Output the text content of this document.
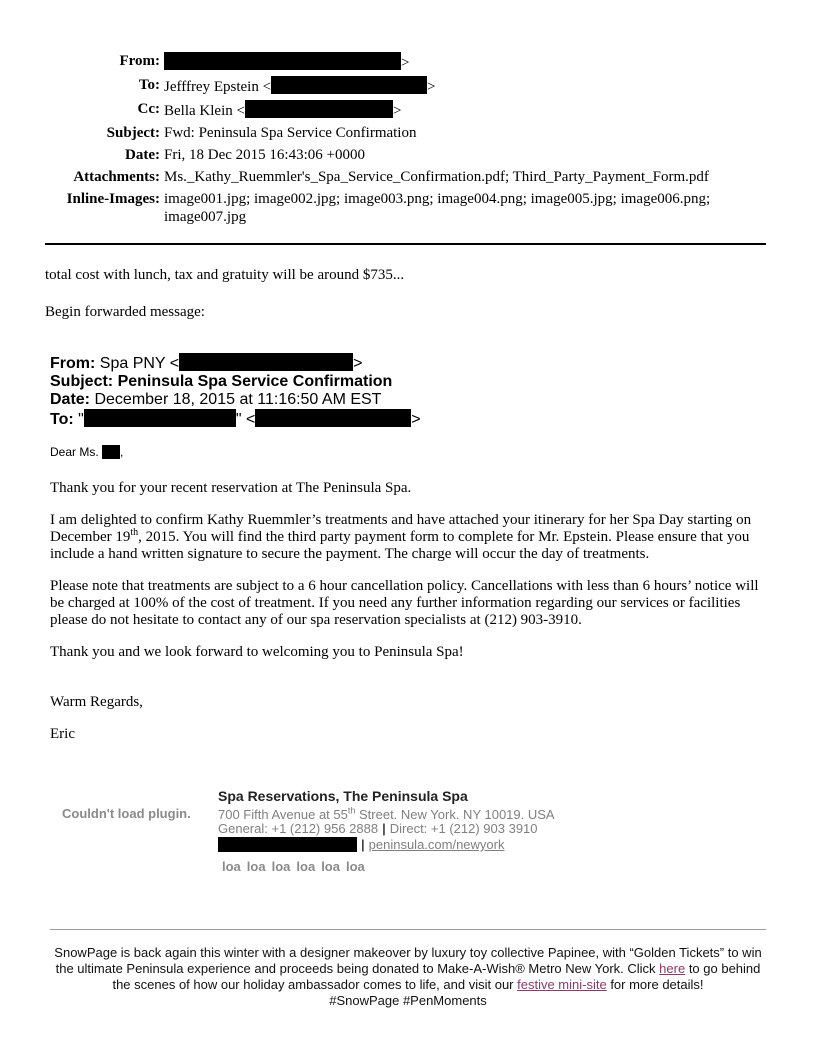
From:	>
To: Jefffrey Epstein <	>
Cc: Bella Klein <	>
Subject: Fwd: Peninsula Spa Service Confirmation
Date: Fri, 18 Dec 2015 16:43:06 +0000
Attachments: Ms._Kathy_Ruemmler's_Spa_Service_Confirmation.pdf; Third_Party_Payment_Form.pdf
Inline-Images: image001.jpg; image002.jpg; image003.png; image004.png; image005.jpg; image006.png; image007.jpg

total cost with lunch, tax and gratuity will be around $735...

Begin forwarded message:

From: Spa PNY <	>
Subject: Peninsula Spa Service Confirmation
Date: December 18, 2015 at 11:16:50 AM EST
To: "	" <	>
Dear Ms. ,

Thank you for your recent reservation at The Peninsula Spa.

I am delighted to confirm Kathy Ruemmler’s treatments and have attached your itinerary for her Spa Day starting on December 19th, 2015. You will find the third party payment form to complete for Mr. Epstein. Please ensure that you include a hand written signature to secure the payment. The charge will occur the day of treatments.

Please note that treatments are subject to a 6 hour cancellation policy. Cancellations with less than 6 hours’ notice will be charged at 100% of the cost of treatment. If you need any further information regarding our services or facilities please do not hesitate to contact any of our spa reservation specialists at (212) 903-3910.

Thank you and we look forward to welcoming you to Peninsula Spa!

Warm Regards,

Eric

Couldn't load plugin.
Spa Reservations, The Peninsula Spa
700 Fifth Avenue at 55th Street. New York. NY 10019. USA
General: +1 (212) 956 2888 | Direct: +1 (212) 903 3910
| peninsula.com/newyork
loa loa loa loa loa loa
SnowPage is back again this winter with a designer makeover by luxury toy collective Papinee, with “Golden Tickets” to win the ultimate Peninsula experience and proceeds being donated to Make-A-Wish® Metro New York. Click here to go behind the scenes of how our holiday ambassador comes to life, and visit our festive mini-site for more details!
#SnowPage #PenMoments
